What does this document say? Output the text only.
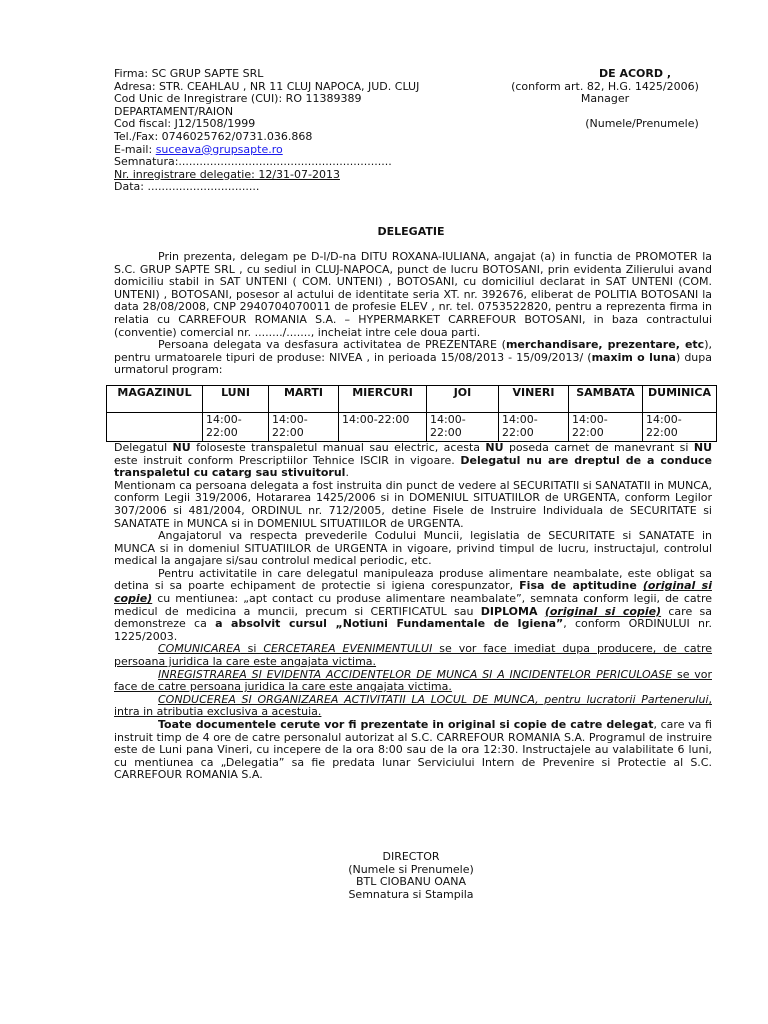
Firma: SC GRUP SAPTE SRL
Adresa: STR. CEAHLAU , NR 11 CLUJ NAPOCA, JUD. CLUJ
Cod Unic de Inregistrare (CUI): RO 11389389
DEPARTAMENT/RAION
Cod fiscal: J12/1508/1999
Tel./Fax: 0746025762/0731.036.868
E-mail: suceava@grupsapte.ro
Semnatura:.............................................................
Nr. inregistrare delegatie: 12/31-07-2013
Data: ................................
DE ACORD ,
(conform art. 82, H.G. 1425/2006)
Manager
(Numele/Prenumele)
DELEGATIE

Prin prezenta, delegam pe D-l/D-na DITU ROXANA-IULIANA, angajat (a) in functia de PROMOTER la S.C. GRUP SAPTE SRL , cu sediul in CLUJ-NAPOCA, punct de lucru BOTOSANI, prin evidenta Zilierului avand domiciliu stabil in SAT UNTENI ( COM. UNTENI) , BOTOSANI, cu domiciliul declarat in SAT UNTENI (COM. UNTENI) , BOTOSANI, posesor al actului de identitate seria XT. nr. 392676, eliberat de POLITIA BOTOSANI la data 28/08/2008, CNP 2940704070011 de profesie ELEV , nr. tel. 0753522820, pentru a reprezenta firma in relatia cu CARREFOUR ROMANIA S.A. – HYPERMARKET CARREFOUR BOTOSANI, in baza contractului (conventie) comercial nr. ......../......., incheiat intre cele doua parti.

Persoana delegata va desfasura activitatea de PREZENTARE (merchandisare, prezentare, etc), pentru urmatoarele tipuri de produse: NIVEA , in perioada 15/08/2013 - 15/09/2013/ (maxim o luna) dupa urmatorul program:

MAGAZINUL	LUNI	MARTI	MIERCURI	JOI	VINERI	SAMBATA	DUMINICA
	14:00-22:00	14:00-22:00	14:00-22:00	14:00-22:00	14:00-22:00	14:00-22:00	14:00-22:00

Delegatul NU foloseste transpaletul manual sau electric, acesta NU poseda carnet de manevrant si NU este instruit conform Prescriptiilor Tehnice ISCIR in vigoare. Delegatul nu are dreptul de a conduce transpaletul cu catarg sau stivuitorul.

Mentionam ca persoana delegata a fost instruita din punct de vedere al SECURITATII si SANATATII in MUNCA, conform Legii 319/2006, Hotararea 1425/2006 si in DOMENIUL SITUATIILOR de URGENTA, conform Legilor 307/2006 si 481/2004, ORDINUL nr. 712/2005, detine Fisele de Instruire Individuala de SECURITATE si SANATATE in MUNCA si in DOMENIUL SITUATIILOR de URGENTA.

Angajatorul va respecta prevederile Codului Muncii, legislatia de SECURITATE si SANATATE in MUNCA si in domeniul SITUATIILOR de URGENTA in vigoare, privind timpul de lucru, instructajul, controlul medical la angajare si/sau controlul medical periodic, etc.

Pentru activitatile in care delegatul manipuleaza produse alimentare neambalate, este obligat sa detina si sa poarte echipament de protectie si igiena corespunzator, Fisa de aptitudine (original si copie) cu mentiunea: „apt contact cu produse alimentare neambalate”, semnata conform legii, de catre medicul de medicina a muncii, precum si CERTIFICATUL sau DIPLOMA (original si copie) care sa demonstreze ca a absolvit cursul „Notiuni Fundamentale de Igiena”, conform ORDINULUI nr. 1225/2003.

COMUNICAREA si CERCETAREA EVENIMENTULUI se vor face imediat dupa producere, de catre persoana juridica la care este angajata victima.

INREGISTRAREA SI EVIDENTA ACCIDENTELOR DE MUNCA SI A INCIDENTELOR PERICULOASE se vor face de catre persoana juridica la care este angajata victima.

CONDUCEREA SI ORGANIZAREA ACTIVITATII LA LOCUL DE MUNCA, pentru lucratorii Partenerului, intra in atributia exclusiva a acestuia.

Toate documentele cerute vor fi prezentate in original si copie de catre delegat, care va fi instruit timp de 4 ore de catre personalul autorizat al S.C. CARREFOUR ROMANIA S.A. Programul de instruire este de Luni pana Vineri, cu incepere de la ora 8:00 sau de la ora 12:30. Instructajele au valabilitate 6 luni, cu mentiunea ca „Delegatia” sa fie predata lunar Serviciului Intern de Prevenire si Protectie al S.C. CARREFOUR ROMANIA S.A.

DIRECTOR
(Numele si Prenumele)
BTL CIOBANU OANA
Semnatura si Stampila
